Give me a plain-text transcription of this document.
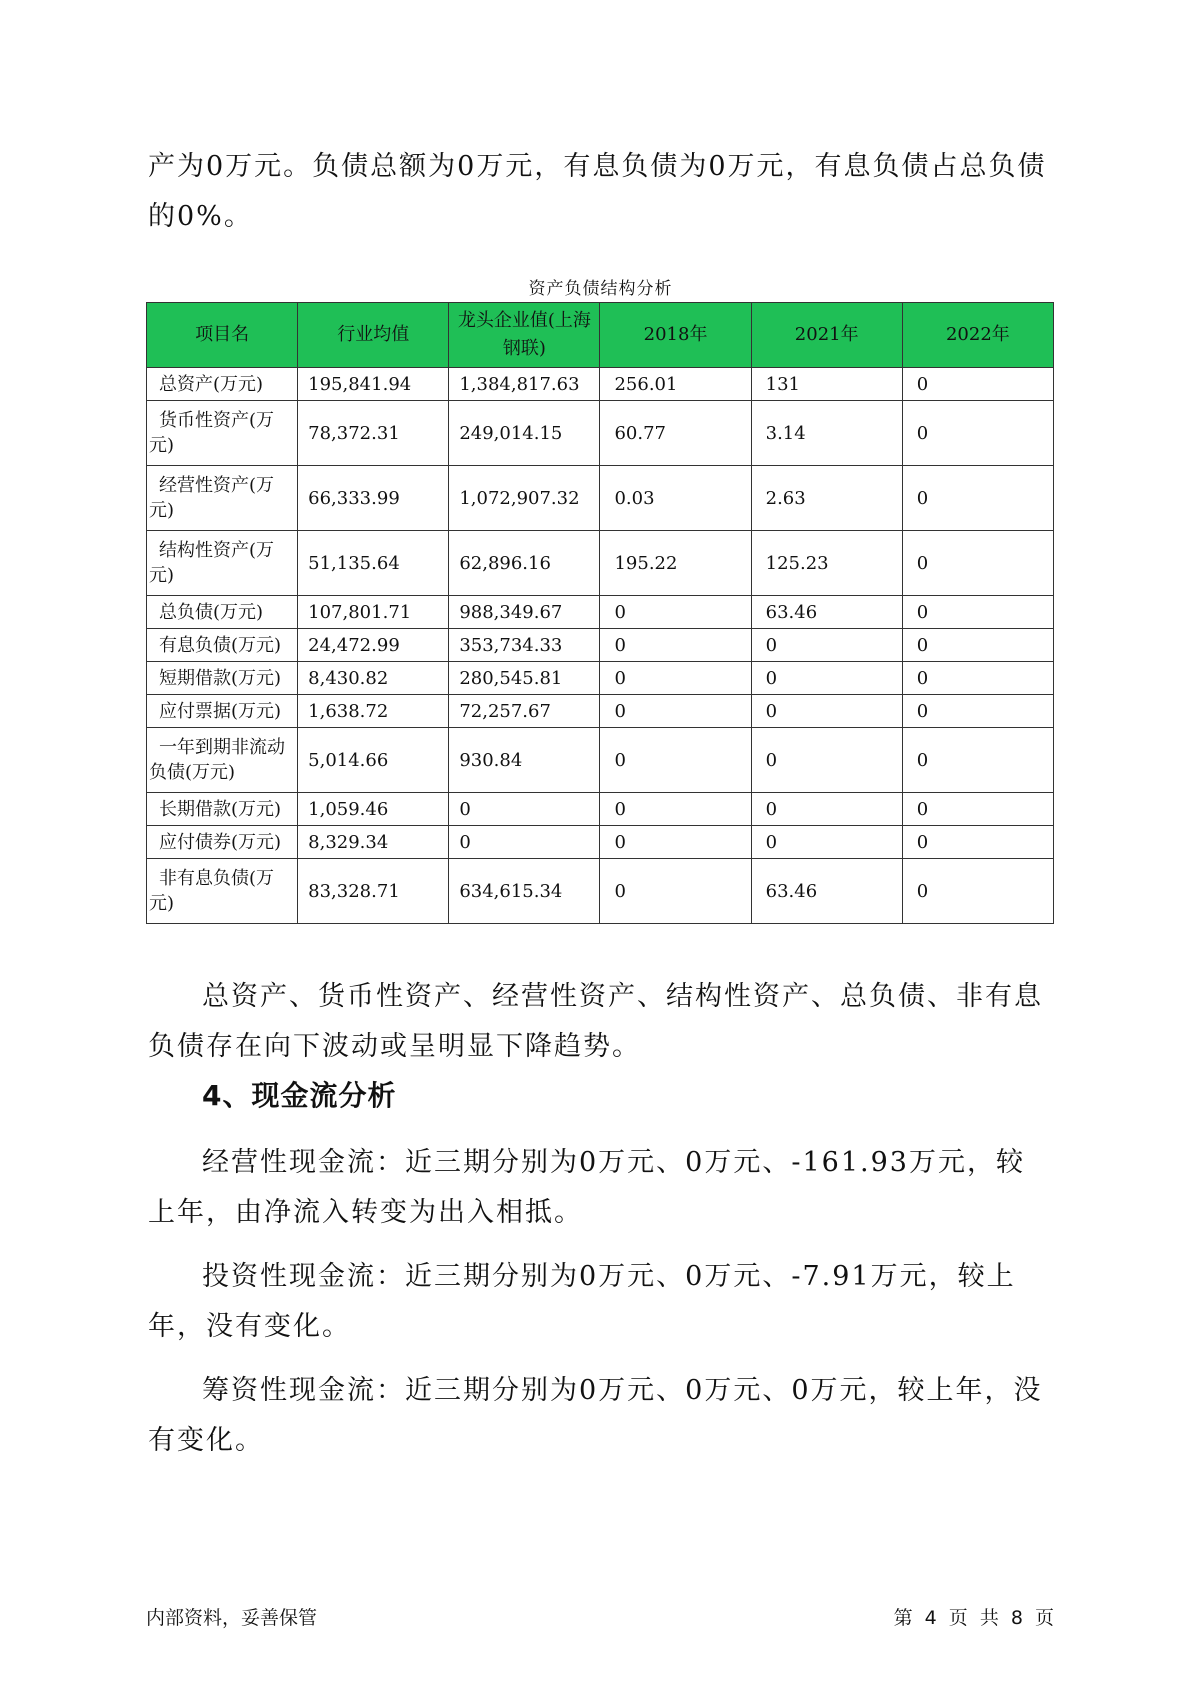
产为0万元。负债总额为0万元，有息负债为0万元，有息负债占总负债的0%。

资产负债结构分析
项目名	行业均值	龙头企业值(上海钢联)	2018年	2021年	2022年
总资产(万元)	195,841.94	1,384,817.63	256.01	131	0
货币性资产(万元)	78,372.31	249,014.15	60.77	3.14	0
经营性资产(万元)	66,333.99	1,072,907.32	0.03	2.63	0
结构性资产(万元)	51,135.64	62,896.16	195.22	125.23	0
总负债(万元)	107,801.71	988,349.67	0	63.46	0
有息负债(万元)	24,472.99	353,734.33	0	0	0
短期借款(万元)	8,430.82	280,545.81	0	0	0
应付票据(万元)	1,638.72	72,257.67	0	0	0
一年到期非流动负债(万元)	5,014.66	930.84	0	0	0
长期借款(万元)	1,059.46	0	0	0	0
应付债券(万元)	8,329.34	0	0	0	0
非有息负债(万元)	83,328.71	634,615.34	0	63.46	0

总资产、货币性资产、经营性资产、结构性资产、总负债、非有息负债存在向下波动或呈明显下降趋势。

4、现金流分析

经营性现金流：近三期分别为0万元、0万元、-161.93万元，较上年，由净流入转变为出入相抵。

投资性现金流：近三期分别为0万元、0万元、-7.91万元，较上年，没有变化。

筹资性现金流：近三期分别为0万元、0万元、0万元，较上年，没有变化。

内部资料，妥善保管	第 4 页 共 8 页
